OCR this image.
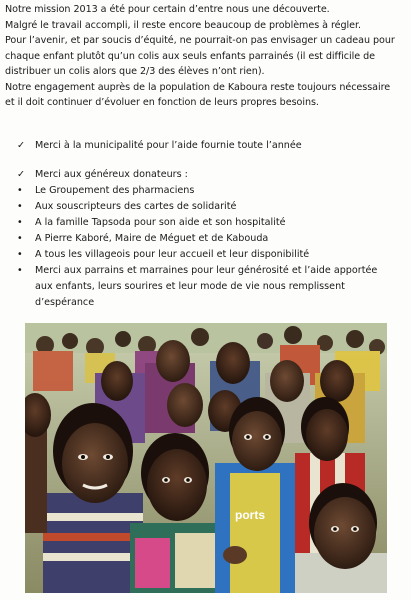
Notre mission 2013 a été pour certain d’entre nous une découverte.

Malgré le travail accompli, il reste encore beaucoup de problèmes à régler.

Pour l’avenir, et par soucis d’équité, ne pourrait-on pas envisager un cadeau pour

chaque enfant plutôt qu’un colis aux seuls enfants parrainés (il est difficile de

distribuer un colis alors que 2/3 des élèves n’ont rien).

Notre engagement auprès de la population de Kaboura reste toujours nécessaire

et il doit continuer d’évoluer en fonction de leurs propres besoins.

✓	Merci à la municipalité pour l’aide fournie toute l’année
✓	Merci aux généreux donateurs :
•	Le Groupement des pharmaciens
•	Aux souscripteurs des cartes de solidarité
•	A la famille Tapsoda pour son aide et son hospitalité
•	A Pierre Kaboré, Maire de Méguet et de Kabouda
•	A tous les villageois pour leur accueil et leur disponibilité
•	Merci aux parrains et marraines pour leur générosité et l’aide apportée
aux enfants, leurs sourires et leur mode de vie nous remplissent
d’espérance
ports
